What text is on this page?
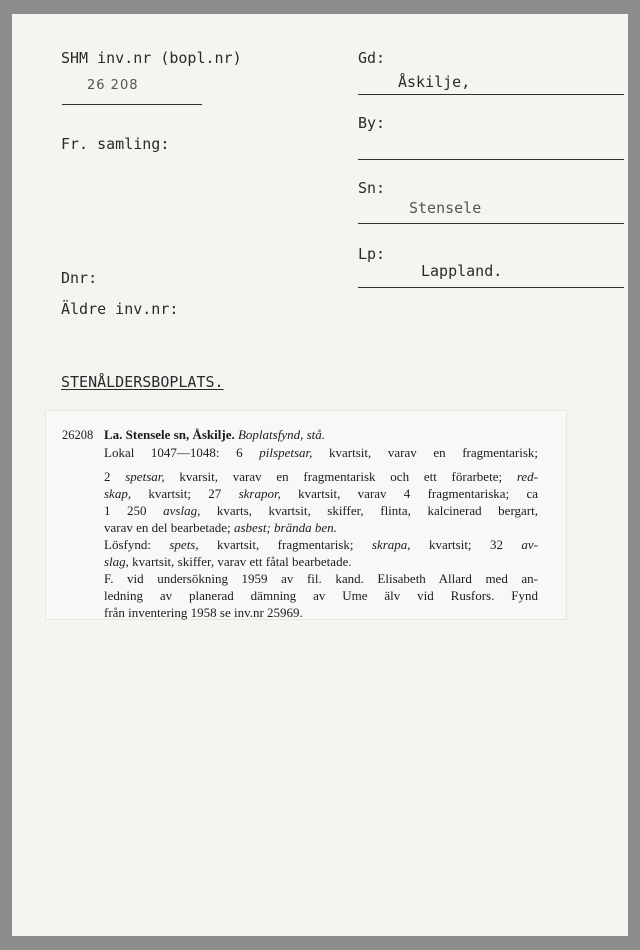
SHM inv.nr (bopl.nr)
26 208
Fr. samling:
Dnr:
Äldre inv.nr:
Gd:
Åskilje,
By:
Sn:
Stensele
Lp:
Lappland.
STENÅLDERSBOPLATS.
26208 La. Stensele sn, Åskilje. Boplatsfynd, stå.
Lokal 1047—1048: 6 pilspetsar, kvartsit, varav en fragmentarisk;
2 spetsar, kvarsit, varav en fragmentarisk och ett förarbete; red-
skap, kvartsit; 27 skrapor, kvartsit, varav 4 fragmentariska; ca
1 250 avslag, kvarts, kvartsit, skiffer, flinta, kalcinerad bergart,
varav en del bearbetade; asbest; brända ben.
Lösfynd: spets, kvartsit, fragmentarisk; skrapa, kvartsit; 32 av-
slag, kvartsit, skiffer, varav ett fåtal bearbetade.
F. vid undersökning 1959 av fil. kand. Elisabeth Allard med an-
ledning av planerad dämning av Ume älv vid Rusfors. Fynd
från inventering 1958 se inv.nr 25969.
